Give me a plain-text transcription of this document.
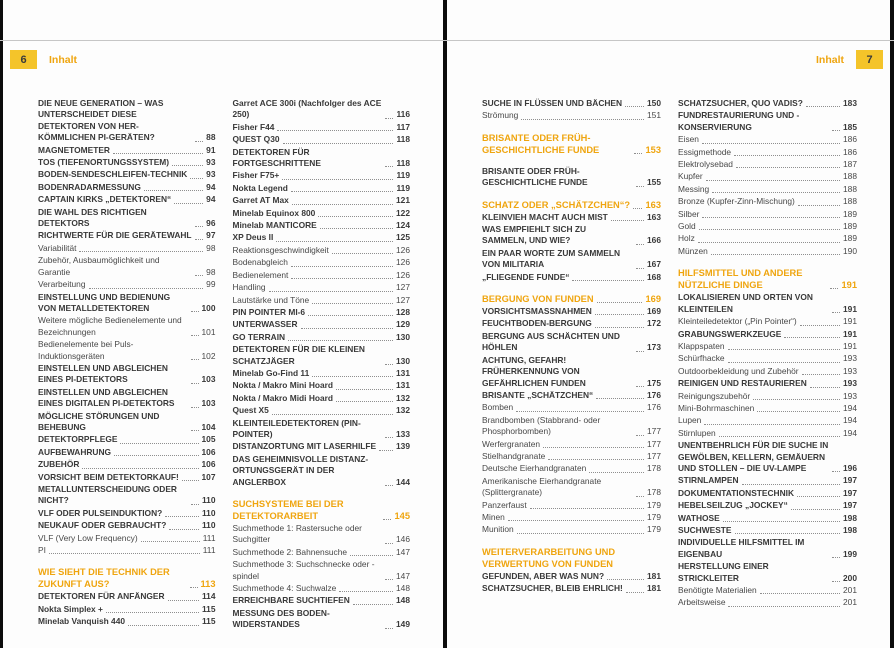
6	Inhalt
DIE NEUE GENERATION – WAS UNTERSCHEIDET DIESE DETEKTOREN VON HER-KÖMMLICHEN PI-GERÄTEN?	88
MAGNETOMETER	91
TOS (TIEFENORTUNGSSYSTEM)	93
BODEN-SENDESCHLEIFEN-TECHNIK 93
BODENRADARMESSUNG	94
CAPTAIN KIRKS „DETEKTOREN“	94
DIE WAHL DES RICHTIGEN DETEKTORS	96
RICHTWERTE FÜR DIE GERÄTEWAHL 97
Variabilität	98
Zubehör, Ausbaumöglichkeit und Garantie	98
Verarbeitung	99
EINSTELLUNG UND BEDIENUNG VON METALLDETEKTOREN	100
Weitere mögliche Bedienelemente und Bezeichnungen	101
Bedienelemente bei Puls-Induktionsgeräten	102
EINSTELLEN UND ABGLEICHEN EINES PI-DETEKTORS	103
EINSTELLEN UND ABGLEICHEN EINES DIGITALEN PI-DETEKTORS	103
MÖGLICHE STÖRUNGEN UND BEHEBUNG	104
DETEKTORPFLEGE	105
AUFBEWAHRUNG	106
ZUBEHÖR	106
VORSICHT BEIM DETEKTORKAUF!	107
METALLUNTERSCHEIDUNG ODER NICHT?	110
VLF ODER PULSEINDUKTION?	110
NEUKAUF ODER GEBRAUCHT?	110
VLF (Very Low Frequency)	111
PI	111
WIE SIEHT DIE TECHNIK DER ZUKUNFT AUS?	113
DETEKTOREN FÜR ANFÄNGER	114
Nokta Simplex +	115
Minelab Vanquish 440	115
Garret ACE 300i (Nachfolger des ACE 250)	116
Fisher F44	117
QUEST Q30	118
DETEKTOREN FÜR FORTGESCHRITTENE	118
Fisher F75+	119
Nokta Legend	119
Garret AT Max	121
Minelab Equinox 800	122
Minelab MANTICORE	124
XP Deus II	125
Reaktionsgeschwindigkeit	126
Bodenabgleich	126
Bedienelement	126
Handling	127
Lautstärke und Töne	127
PIN POINTER MI-6	128
UNTERWASSER	129
GO TERRAIN	130
DETEKTOREN FÜR DIE KLEINEN SCHATZJÄGER	130
Minelab Go-Find 11	131
Nokta / Makro Mini Hoard	131
Nokta / Makro Midi Hoard	132
Quest X5	132
KLEINTEILEDETEKTOREN (PIN-POINTER)	133
DISTANZORTUNG MIT LASERHILFE 139
DAS GEHEIMNISVOLLE DISTANZ-ORTUNGSGERÄT IN DER ANGLERBOX	144
SUCHSYSTEME BEI DER DETEKTORARBEIT	145
Suchmethode 1: Rastersuche oder Suchgitter	146
Suchmethode 2: Bahnensuche	147
Suchmethode 3: Suchschnecke oder -spindel	147
Suchmethode 4: Suchwalze	148
ERREICHBARE SUCHTIEFEN	148
MESSUNG DES BODEN-WIDERSTANDES	149
Inhalt	7
SUCHE IN FLÜSSEN UND BÄCHEN	150
Strömung	151
BRISANTE ODER FRÜH-GESCHICHTLICHE FUNDE	153
BRISANTE ODER FRÜH-GESCHICHTLICHE FUNDE	155
SCHATZ ODER „SCHÄTZCHEN“? 163
KLEINVIEH MACHT AUCH MIST	163
WAS EMPFIEHLT SICH ZU SAMMELN, UND WIE?	166
EIN PAAR WORTE ZUM SAMMELN VON MILITARIA	167
„FLIEGENDE FUNDE“	168
BERGUNG VON FUNDEN	169
VORSICHTSMASSNAHMEN	169
FEUCHTBODEN-BERGUNG	172
BERGUNG AUS SCHÄCHTEN UND HÖHLEN	173
ACHTUNG, GEFAHR! FRÜHERKENNUNG VON GEFÄHRLICHEN FUNDEN	175
BRISANTE „SCHÄTZCHEN“	176
Bomben	176
Brandbomben (Stabbrand- oder Phosphorbomben)	177
Werfergranaten	177
Stielhandgranate	177
Deutsche Eierhandgranaten	178
Amerikanische Eierhandgranate (Splittergranate)	178
Panzerfaust	179
Minen	179
Munition	179
WEITERVERARBEITUNG UND VERWERTUNG VON FUNDEN
GEFUNDEN, ABER WAS NUN?	181
SCHATZSUCHER, BLEIB EHRLICH!	181
SCHATZSUCHER, QUO VADIS?	183
FUNDRESTAURIERUNG UND -KONSERVIERUNG	185
Eisen	186
Essigmethode	186
Elektrolysebad	187
Kupfer	188
Messing	188
Bronze (Kupfer-Zinn-Mischung)	188
Silber	189
Gold	189
Holz	189
Münzen	190
HILFSMITTEL UND ANDERE NÜTZLICHE DINGE	191
LOKALISIEREN UND ORTEN VON KLEINTEILEN	191
Kleinteiledetektor („Pin Pointer“)	191
GRABUNGSWERKZEUGE	191
Klappspaten	191
Schürfhacke	193
Outdoorbekleidung und Zubehör	193
REINIGEN UND RESTAURIEREN	193
Reinigungszubehör	193
Mini-Bohrmaschinen	194
Lupen	194
Stirnlupen	194
UNENTBEHRLICH FÜR DIE SUCHE IN GEWÖLBEN, KELLERN, GEMÄUERN UND STOLLEN – DIE UV-LAMPE	196
STIRNLAMPEN	197
DOKUMENTATIONSTECHNIK	197
HEBELSEILZUG „JOCKEY“	197
WATHOSE	198
SUCHWESTE	198
INDIVIDUELLE HILFSMITTEL IM EIGENBAU	199
HERSTELLUNG EINER STRICKLEITER	200
Benötigte Materialien	201
Arbeitsweise	201
